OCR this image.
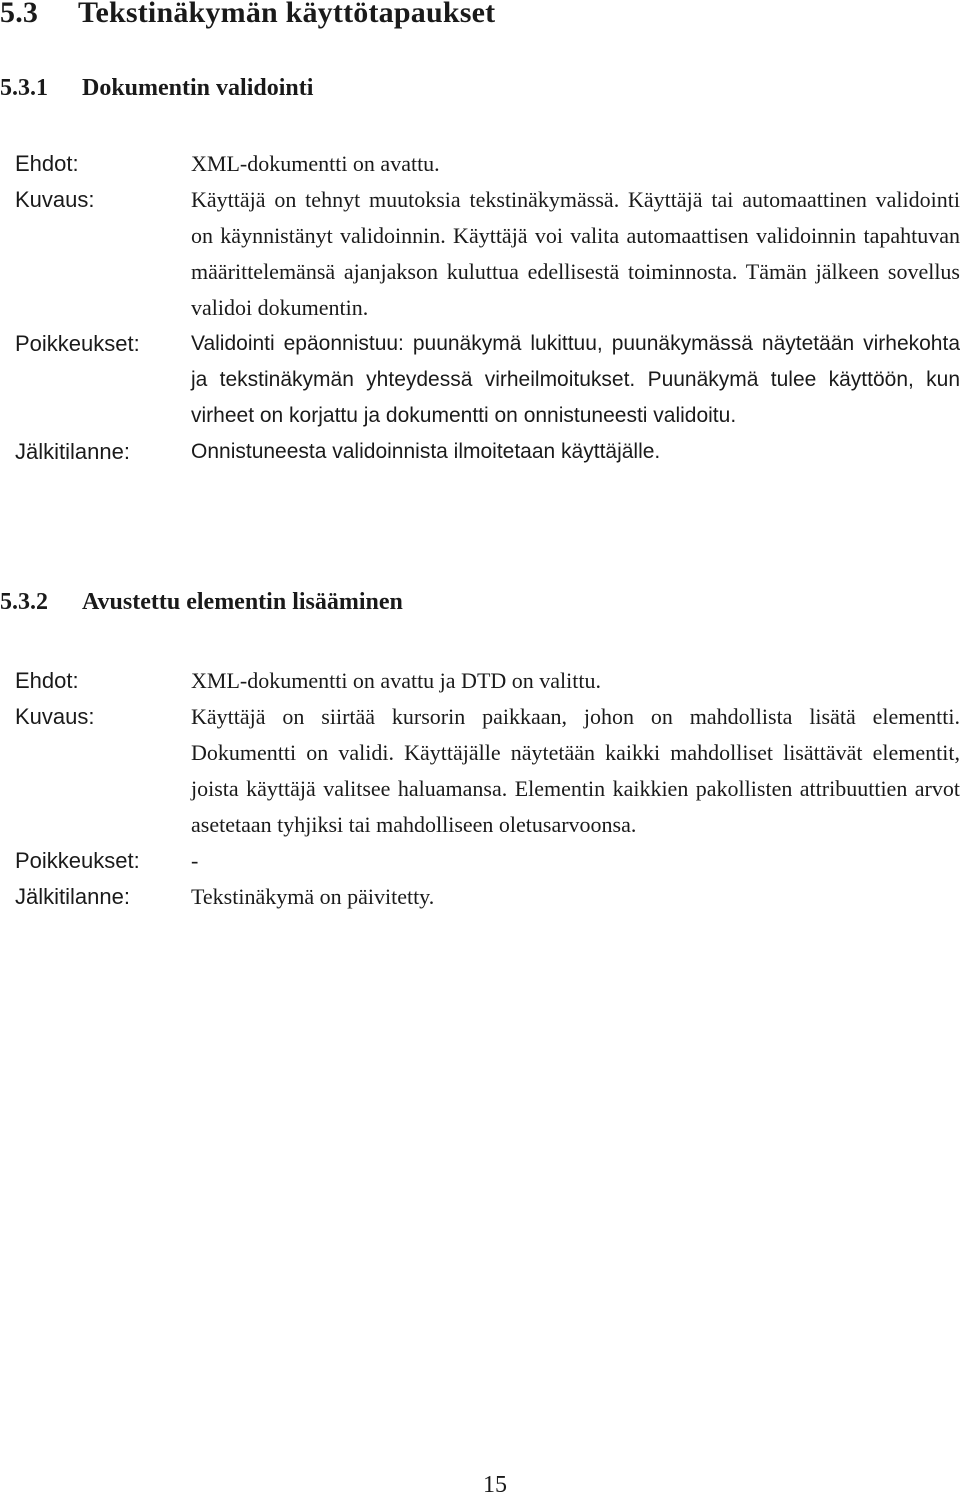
5.3 Tekstinäkymän käyttötapaukset
5.3.1 Dokumentin validointi
Ehdot:	XML-dokumentti on avattu.
Kuvaus:	Käyttäjä on tehnyt muutoksia tekstinäkymässä. Käyttäjä tai automaattinen validointi on käynnistänyt validoinnin. Käyttäjä voi valita automaattisen validoinnin tapahtuvan määrittelemänsä ajanjakson kuluttua edellisestä toiminnosta. Tämän jälkeen sovellus validoi dokumentin.
Poikkeukset:	Validointi epäonnistuu: puunäkymä lukittuu, puunäkymässä näytetään virhekohta ja tekstinäkymän yhteydessä virheilmoitukset. Puunäkymä tulee käyttöön, kun virheet on korjattu ja dokumentti on onnistuneesti validoitu.
Jälkitilanne:	Onnistuneesta validoinnista ilmoitetaan käyttäjälle.
5.3.2 Avustettu elementin lisääminen
Ehdot:	XML-dokumentti on avattu ja DTD on valittu.
Kuvaus:	Käyttäjä on siirtää kursorin paikkaan, johon on mahdollista lisätä elementti. Dokumentti on validi. Käyttäjälle näytetään kaikki mahdolliset lisättävät elementit, joista käyttäjä valitsee haluamansa. Elementin kaikkien pakollisten attribuuttien arvot asetetaan tyhjiksi tai mahdolliseen oletusarvoonsa.
Poikkeukset:	-
Jälkitilanne:	Tekstinäkymä on päivitetty.
15
